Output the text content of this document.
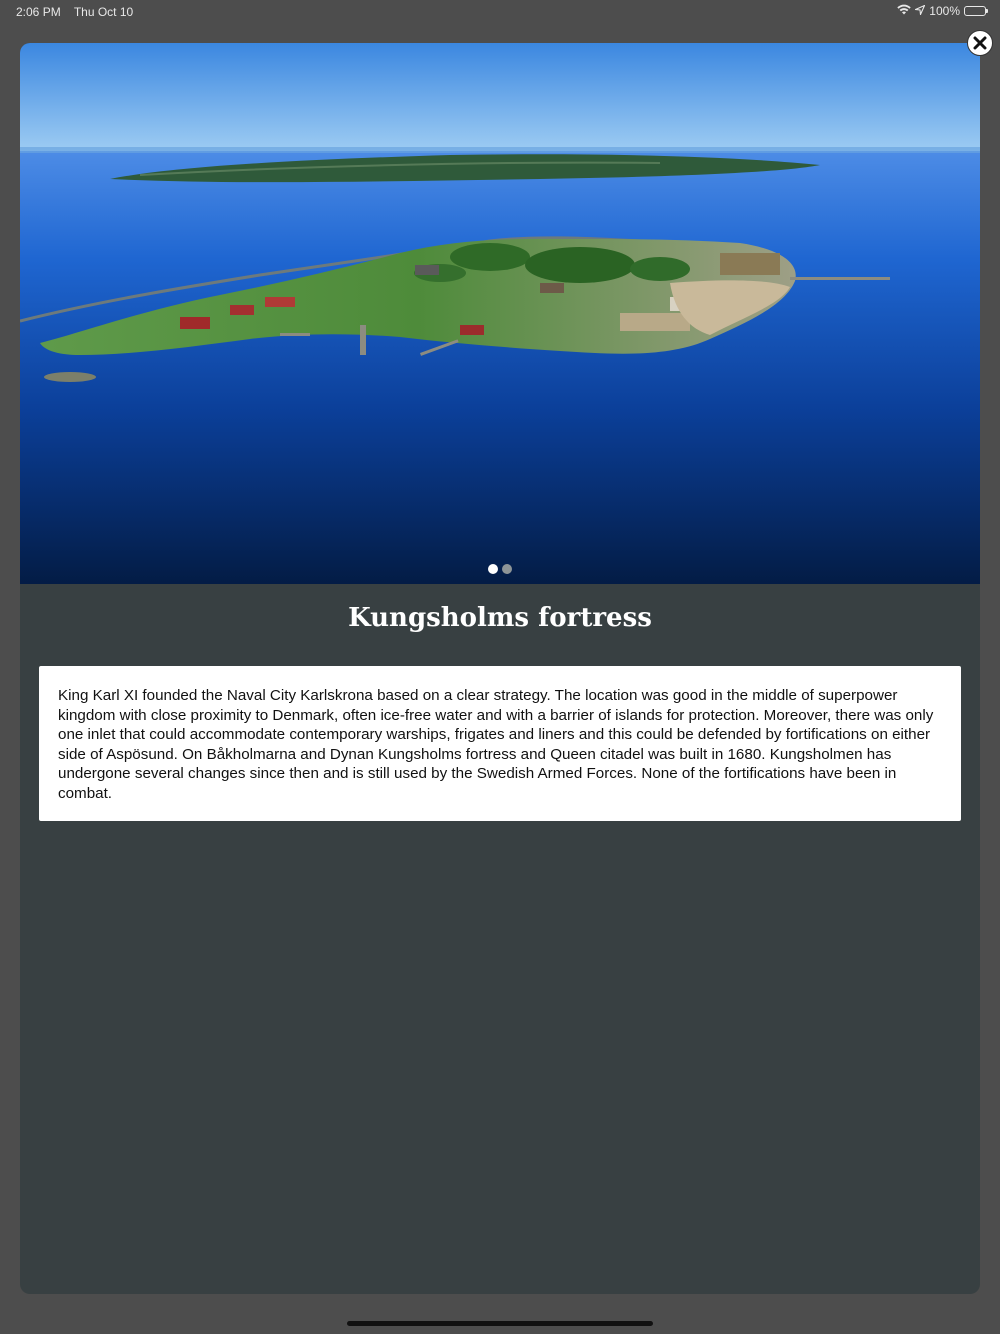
2:06 PM Thu Oct 10	100%
Kungsholms fortress
King Karl XI founded the Naval City Karlskrona based on a clear strategy. The location was good in the middle of superpower kingdom with close proximity to Denmark, often ice-free water and with a barrier of islands for protection. Moreover, there was only one inlet that could accommodate contemporary warships, frigates and liners and this could be defended by fortifications on either side of Aspösund. On Båkholmarna and Dynan Kungsholms fortress and Queen citadel was built in 1680. Kungsholmen has undergone several changes since then and is still used by the Swedish Armed Forces. None of the fortifications have been in combat.
